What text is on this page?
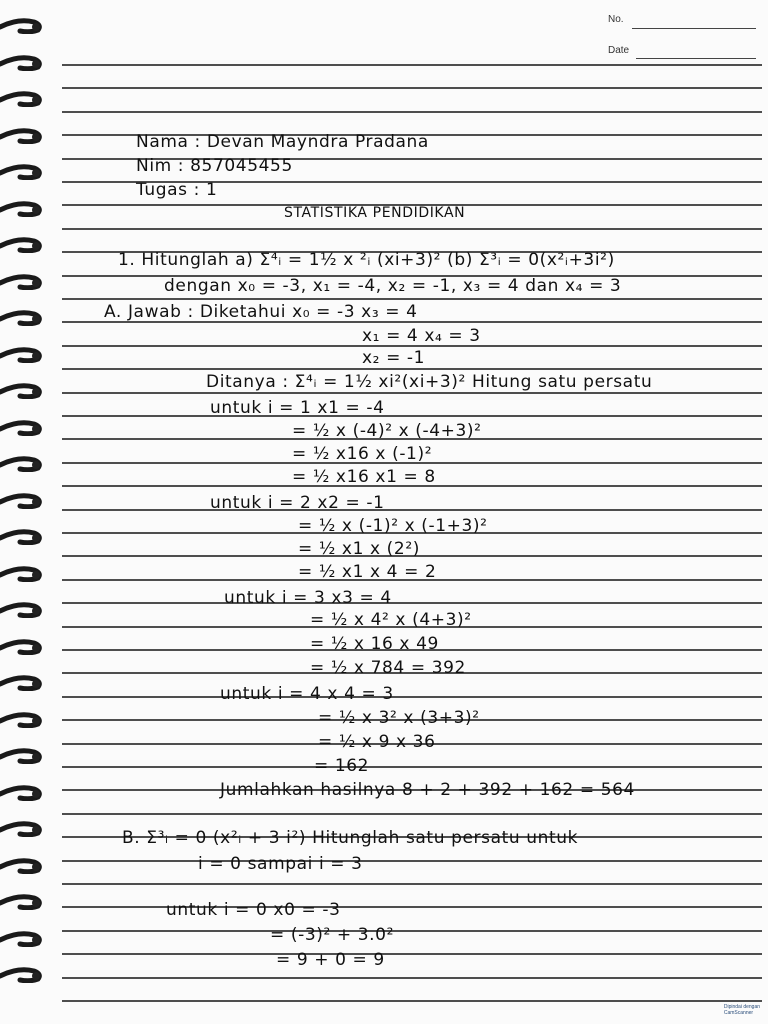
No.
Date
Nama : Devan Mayndra Pradana
Nim : 857045455
Tugas : 1
STATISTIKA PENDIDIKAN
1. Hitunglah a) Σ⁴ᵢ = 1½ x ²ᵢ (xi+3)² (b) Σ³ᵢ = 0(x²ᵢ+3i²)
dengan x₀ = -3, x₁ = -4, x₂ = -1, x₃ = 4 dan x₄ = 3
A. Jawab : Diketahui x₀ = -3 x₃ = 4
x₁ = 4 x₄ = 3
x₂ = -1
Ditanya : Σ⁴ᵢ = 1½ xi²(xi+3)² Hitung satu persatu
untuk i = 1 x1 = -4
= ½ x (-4)² x (-4+3)²
= ½ x16 x (-1)²
= ½ x16 x1 = 8
untuk i = 2 x2 = -1
= ½ x (-1)² x (-1+3)²
= ½ x1 x (2²)
= ½ x1 x 4 = 2
untuk i = 3 x3 = 4
= ½ x 4² x (4+3)²
= ½ x 16 x 49
= ½ x 784 = 392
untuk i = 4 x 4 = 3
= ½ x 3² x (3+3)²
= ½ x 9 x 36
= 162
Jumlahkan hasilnya 8 + 2 + 392 + 162 = 564
B. Σ³ᵢ = 0 (x²ᵢ + 3 i²) Hitunglah satu persatu untuk
i = 0 sampai i = 3
untuk i = 0 x0 = -3
= (-3)² + 3.0²
= 9 + 0 = 9
Dipindai dengan
CamScanner
